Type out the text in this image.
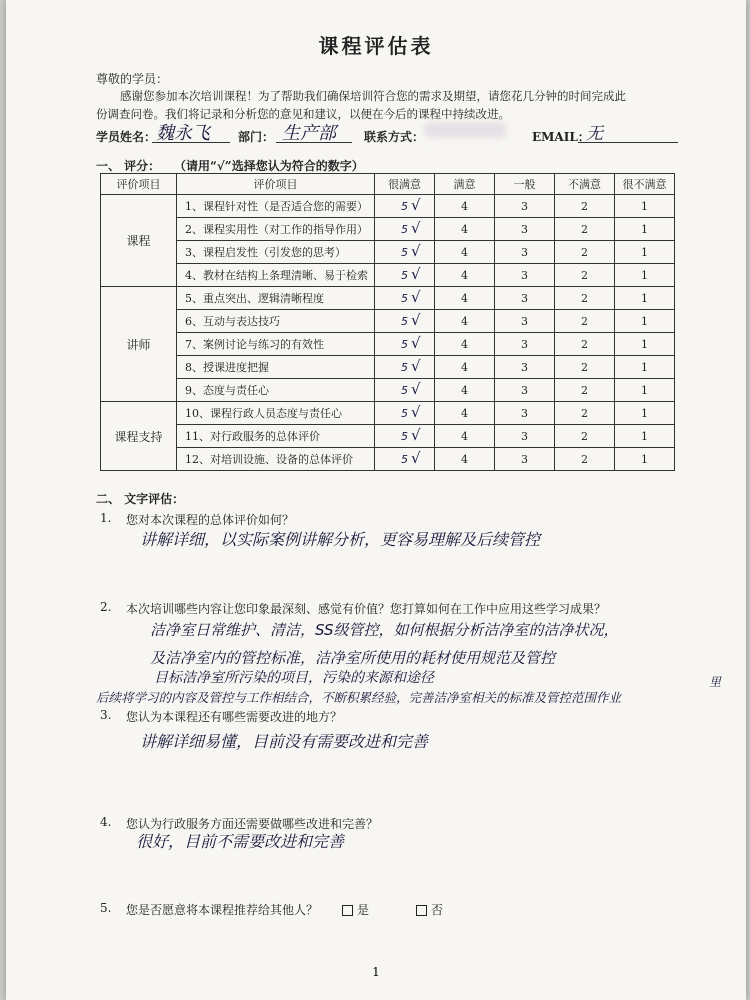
课程评估表
尊敬的学员：
感谢您参加本次培训课程！为了帮助我们确保培训符合您的需求及期望，请您花几分钟的时间完成此
份调查问卷。我们将记录和分析您的意见和建议，以便在今后的课程中持续改进。
学员姓名： 魏永飞 部门： 生产部 联系方式：	EMAIL：
无
一、 评分： （请用“√”选择您认为符合的数字）
评价项目	评价项目	很满意	满意	一般	不满意	很不满意
课程	1、课程针对性（是否适合您的需要）	5 √	4	3	2	1
	2、课程实用性（对工作的指导作用）	5 √	4	3	2	1
	3、课程启发性（引发您的思考）	5 √	4	3	2	1
	4、教材在结构上条理清晰、易于检索	5 √	4	3	2	1
讲师	5、重点突出、逻辑清晰程度	5 √	4	3	2	1
	6、互动与表达技巧	5 √	4	3	2	1
	7、案例讨论与练习的有效性	5 √	4	3	2	1
	8、授课进度把握	5 √	4	3	2	1
	9、态度与责任心	5 √	4	3	2	1
课程支持	10、课程行政人员态度与责任心	5 √	4	3	2	1
	11、对行政服务的总体评价	5 √	4	3	2	1
	12、对培训设施、设备的总体评价	5 √	4	3	2	1
二、 文字评估：
1. 您对本次课程的总体评价如何？
讲解详细，以实际案例讲解分析，更容易理解及后续管控
2. 本次培训哪些内容让您印象最深刻、感觉有价值？您打算如何在工作中应用这些学习成果？
洁净室日常维护、清洁，SS级管控，如何根据分析洁净室的洁净状况，
及洁净室内的管控标准，洁净室所使用的耗材使用规范及管控
目标洁净室所污染的项目，污染的来源和途径
后续将学习的内容及管控与工作相结合，不断积累经验，完善洁净室相关的标准及管控范围作业
里
3. 您认为本课程还有哪些需要改进的地方？
讲解详细易懂，目前没有需要改进和完善
4. 您认为行政服务方面还需要做哪些改进和完善？
很好，目前不需要改进和完善
5. 您是否愿意将本课程推荐给其他人？	是	否
1
